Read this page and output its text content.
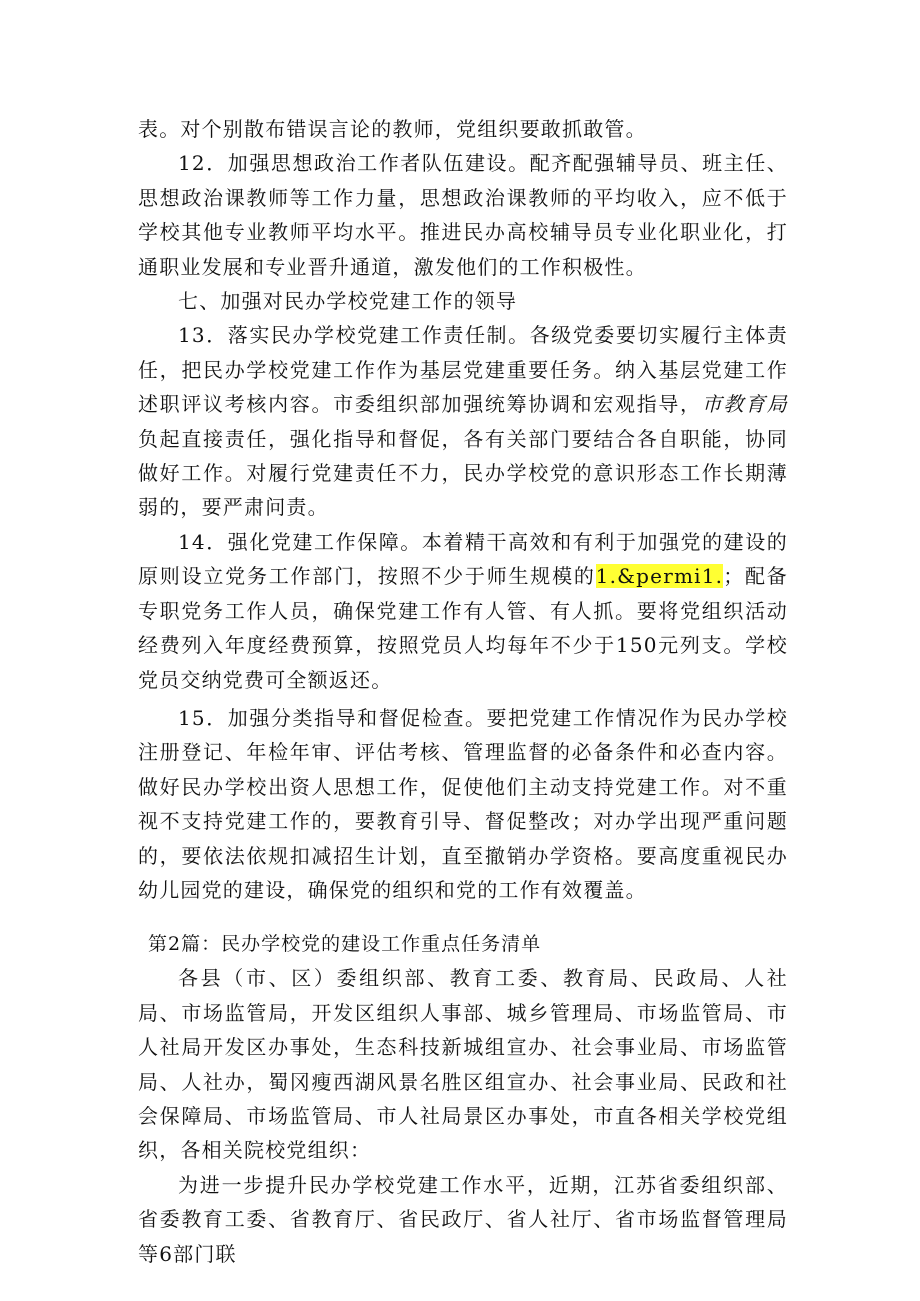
表。对个别散布错误言论的教师，党组织要敢抓敢管。

12．加强思想政治工作者队伍建设。配齐配强辅导员、班主任、思想政治课教师等工作力量，思想政治课教师的平均收入，应不低于学校其他专业教师平均水平。推进民办高校辅导员专业化职业化，打通职业发展和专业晋升通道，激发他们的工作积极性。

七、加强对民办学校党建工作的领导

13．落实民办学校党建工作责任制。各级党委要切实履行主体责任，把民办学校党建工作作为基层党建重要任务。纳入基层党建工作述职评议考核内容。市委组织部加强统筹协调和宏观指导，市教育局负起直接责任，强化指导和督促，各有关部门要结合各自职能，协同做好工作。对履行党建责任不力，民办学校党的意识形态工作长期薄弱的，要严肃问责。

14．强化党建工作保障。本着精干高效和有利于加强党的建设的原则设立党务工作部门，按照不少于师生规模的1.&permi1.；配备专职党务工作人员，确保党建工作有人管、有人抓。要将党组织活动经费列入年度经费预算，按照党员人均每年不少于150元列支。学校党员交纳党费可全额返还。

15．加强分类指导和督促检查。要把党建工作情况作为民办学校注册登记、年检年审、评估考核、管理监督的必备条件和必查内容。做好民办学校出资人思想工作，促使他们主动支持党建工作。对不重视不支持党建工作的，要教育引导、督促整改；对办学出现严重问题的，要依法依规扣减招生计划，直至撤销办学资格。要高度重视民办幼儿园党的建设，确保党的组织和党的工作有效覆盖。

第2篇：民办学校党的建设工作重点任务清单

各县（市、区）委组织部、教育工委、教育局、民政局、人社局、市场监管局，开发区组织人事部、城乡管理局、市场监管局、市人社局开发区办事处，生态科技新城组宣办、社会事业局、市场监管局、人社办，蜀冈瘦西湖风景名胜区组宣办、社会事业局、民政和社会保障局、市场监管局、市人社局景区办事处，市直各相关学校党组织，各相关院校党组织：

为进一步提升民办学校党建工作水平，近期，江苏省委组织部、省委教育工委、省教育厅、省民政厅、省人社厅、省市场监督管理局等6部门联
